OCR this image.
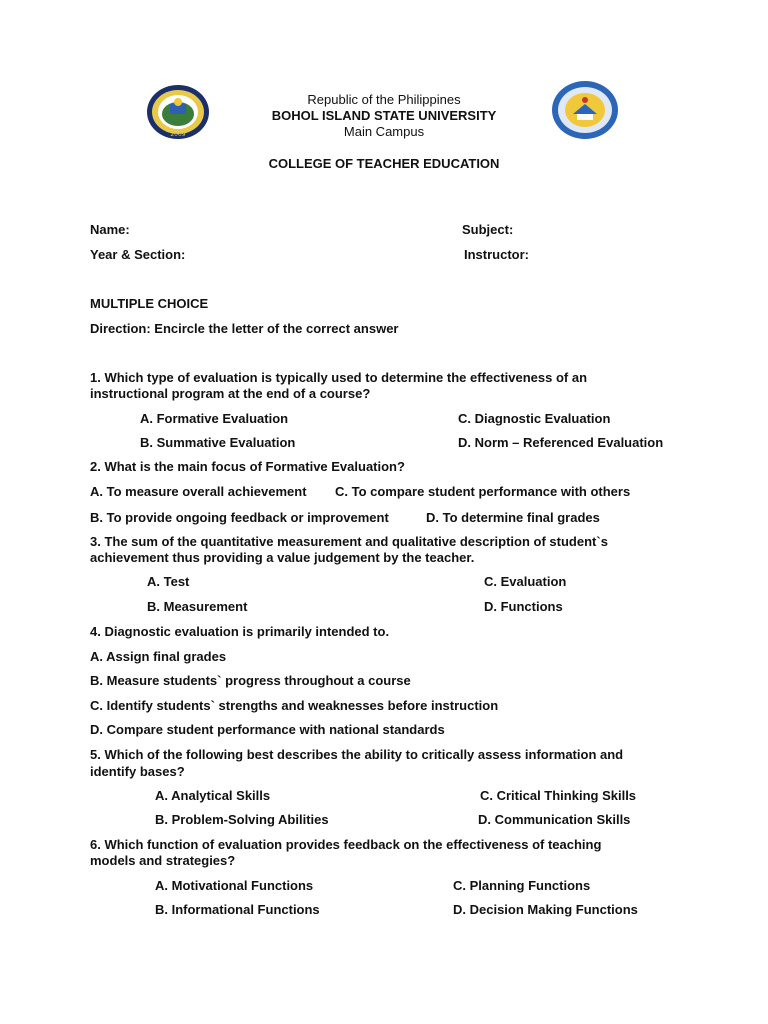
2009
Republic of the Philippines
BOHOL ISLAND STATE UNIVERSITY
Main Campus
COLLEGE OF TEACHER EDUCATION
Name:	Subject:
Year & Section:	Instructor:
MULTIPLE CHOICE
Direction: Encircle the letter of the correct answer
1. Which type of evaluation is typically used to determine the effectiveness of an
instructional program at the end of a course?
A. Formative Evaluation	C. Diagnostic Evaluation
B. Summative Evaluation	D. Norm – Referenced Evaluation
2. What is the main focus of Formative Evaluation?
A. To measure overall achievement C. To compare student performance with others
B. To provide ongoing feedback or improvement	D. To determine final grades
3. The sum of the quantitative measurement and qualitative description of student`s
achievement thus providing a value judgement by the teacher.
A. Test	C. Evaluation
B. Measurement	D. Functions
4. Diagnostic evaluation is primarily intended to.
A. Assign final grades
B. Measure students` progress throughout a course
C. Identify students` strengths and weaknesses before instruction
D. Compare student performance with national standards
5. Which of the following best describes the ability to critically assess information and
identify bases?
A. Analytical Skills	C. Critical Thinking Skills
B. Problem-Solving Abilities	D. Communication Skills
6. Which function of evaluation provides feedback on the effectiveness of teaching
models and strategies?
A. Motivational Functions	C. Planning Functions
B. Informational Functions	D. Decision Making Functions
